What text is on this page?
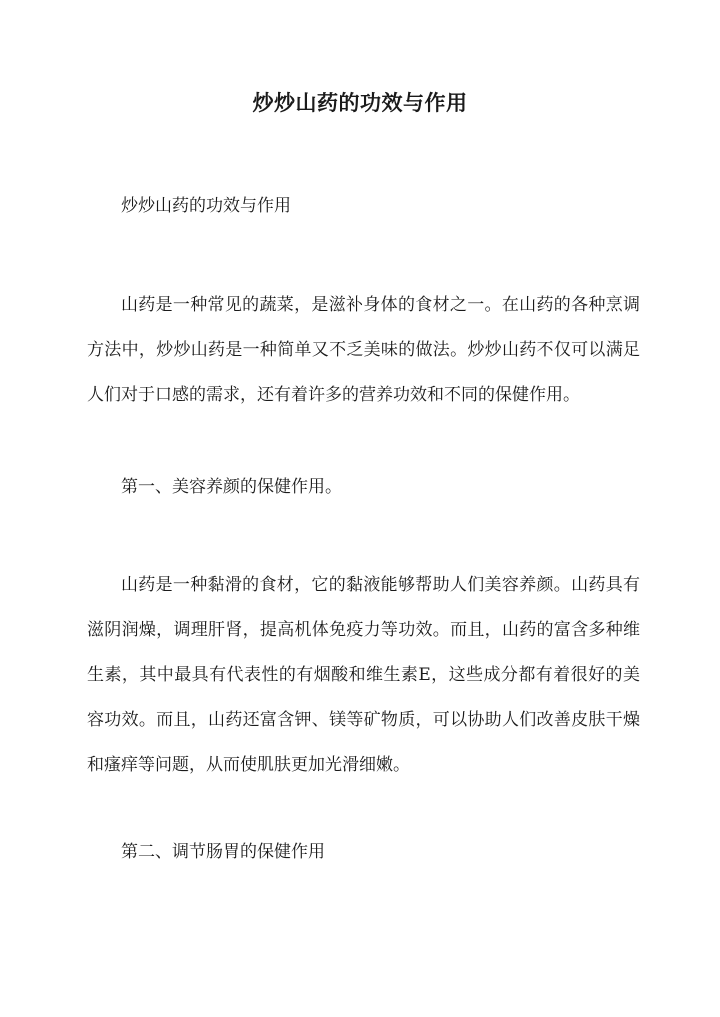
炒炒山药的功效与作用
炒炒山药的功效与作用
山药是一种常见的蔬菜，是滋补身体的食材之一。在山药的各种烹调方法中，炒炒山药是一种简单又不乏美味的做法。炒炒山药不仅可以满足人们对于口感的需求，还有着许多的营养功效和不同的保健作用。
第一、美容养颜的保健作用。
山药是一种黏滑的食材，它的黏液能够帮助人们美容养颜。山药具有滋阴润燥，调理肝肾，提高机体免疫力等功效。而且，山药的富含多种维生素，其中最具有代表性的有烟酸和维生素E，这些成分都有着很好的美容功效。而且，山药还富含钾、镁等矿物质，可以协助人们改善皮肤干燥和瘙痒等问题，从而使肌肤更加光滑细嫩。
第二、调节肠胃的保健作用
